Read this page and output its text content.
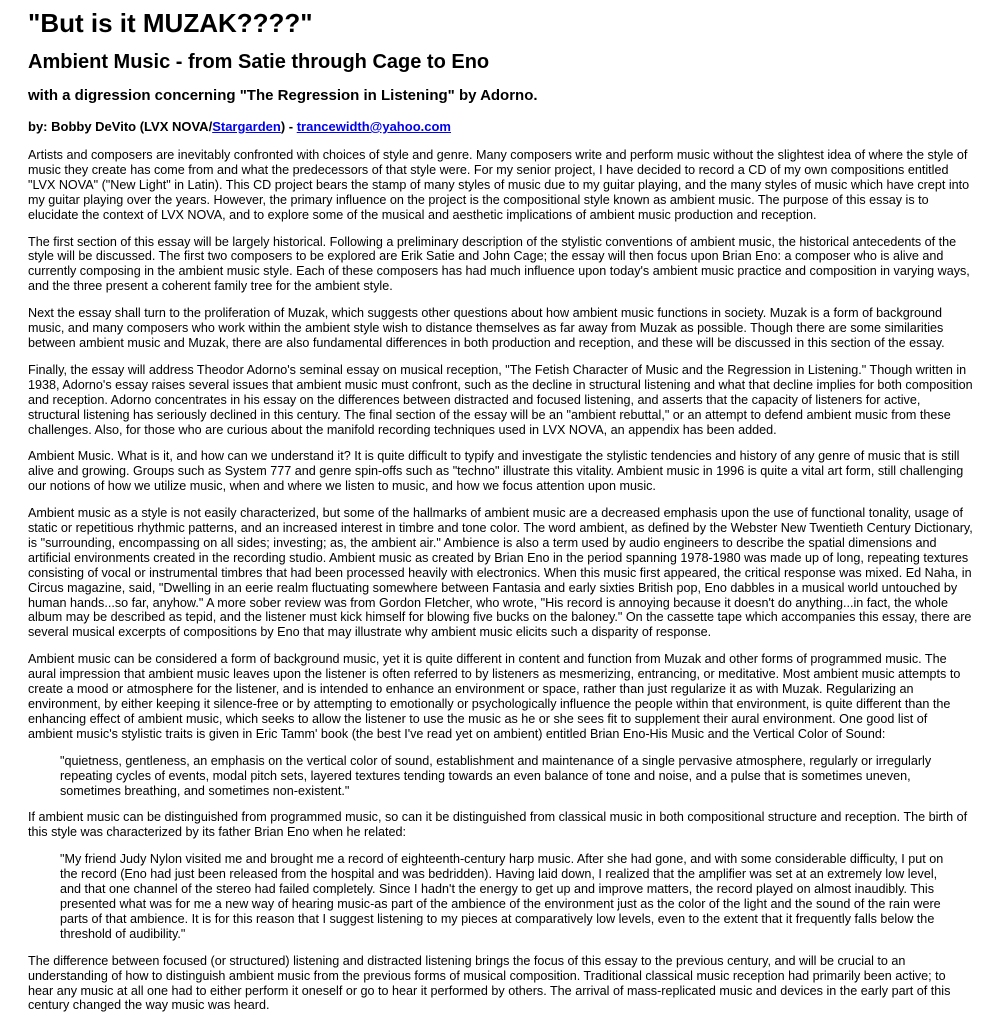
"But is it MUZAK????"
Ambient Music - from Satie through Cage to Eno
with a digression concerning "The Regression in Listening" by Adorno.
by: Bobby DeVito (LVX NOVA/Stargarden) - trancewidth@yahoo.com

Artists and composers are inevitably confronted with choices of style and genre. Many composers write and perform music without the slightest idea of where the style of music they create has come from and what the predecessors of that style were. For my senior project, I have decided to record a CD of my own compositions entitled "LVX NOVA" ("New Light" in Latin). This CD project bears the stamp of many styles of music due to my guitar playing, and the many styles of music which have crept into my guitar playing over the years. However, the primary influence on the project is the compositional style known as ambient music. The purpose of this essay is to elucidate the context of LVX NOVA, and to explore some of the musical and aesthetic implications of ambient music production and reception.

The first section of this essay will be largely historical. Following a preliminary description of the stylistic conventions of ambient music, the historical antecedents of the style will be discussed. The first two composers to be explored are Erik Satie and John Cage; the essay will then focus upon Brian Eno: a composer who is alive and currently composing in the ambient music style. Each of these composers has had much influence upon today's ambient music practice and composition in varying ways, and the three present a coherent family tree for the ambient style.

Next the essay shall turn to the proliferation of Muzak, which suggests other questions about how ambient music functions in society. Muzak is a form of background music, and many composers who work within the ambient style wish to distance themselves as far away from Muzak as possible. Though there are some similarities between ambient music and Muzak, there are also fundamental differences in both production and reception, and these will be discussed in this section of the essay.

Finally, the essay will address Theodor Adorno's seminal essay on musical reception, "The Fetish Character of Music and the Regression in Listening." Though written in 1938, Adorno's essay raises several issues that ambient music must confront, such as the decline in structural listening and what that decline implies for both composition and reception. Adorno concentrates in his essay on the differences between distracted and focused listening, and asserts that the capacity of listeners for active, structural listening has seriously declined in this century. The final section of the essay will be an "ambient rebuttal," or an attempt to defend ambient music from these challenges. Also, for those who are curious about the manifold recording techniques used in LVX NOVA, an appendix has been added.

Ambient Music. What is it, and how can we understand it? It is quite difficult to typify and investigate the stylistic tendencies and history of any genre of music that is still alive and growing. Groups such as System 777 and genre spin-offs such as "techno" illustrate this vitality. Ambient music in 1996 is quite a vital art form, still challenging our notions of how we utilize music, when and where we listen to music, and how we focus attention upon music.

Ambient music as a style is not easily characterized, but some of the hallmarks of ambient music are a decreased emphasis upon the use of functional tonality, usage of static or repetitious rhythmic patterns, and an increased interest in timbre and tone color. The word ambient, as defined by the Webster New Twentieth Century Dictionary, is "surrounding, encompassing on all sides; investing; as, the ambient air." Ambience is also a term used by audio engineers to describe the spatial dimensions and artificial environments created in the recording studio. Ambient music as created by Brian Eno in the period spanning 1978-1980 was made up of long, repeating textures consisting of vocal or instrumental timbres that had been processed heavily with electronics. When this music first appeared, the critical response was mixed. Ed Naha, in Circus magazine, said, "Dwelling in an eerie realm fluctuating somewhere between Fantasia and early sixties British pop, Eno dabbles in a musical world untouched by human hands...so far, anyhow." A more sober review was from Gordon Fletcher, who wrote, "His record is annoying because it doesn't do anything...in fact, the whole album may be described as tepid, and the listener must kick himself for blowing five bucks on the baloney." On the cassette tape which accompanies this essay, there are several musical excerpts of compositions by Eno that may illustrate why ambient music elicits such a disparity of response.

Ambient music can be considered a form of background music, yet it is quite different in content and function from Muzak and other forms of programmed music. The aural impression that ambient music leaves upon the listener is often referred to by listeners as mesmerizing, entrancing, or meditative. Most ambient music attempts to create a mood or atmosphere for the listener, and is intended to enhance an environment or space, rather than just regularize it as with Muzak. Regularizing an environment, by either keeping it silence-free or by attempting to emotionally or psychologically influence the people within that environment, is quite different than the enhancing effect of ambient music, which seeks to allow the listener to use the music as he or she sees fit to supplement their aural environment. One good list of ambient music's stylistic traits is given in Eric Tamm' book (the best I've read yet on ambient) entitled Brian Eno-His Music and the Vertical Color of Sound:

"quietness, gentleness, an emphasis on the vertical color of sound, establishment and maintenance of a single pervasive atmosphere, regularly or irregularly repeating cycles of events, modal pitch sets, layered textures tending towards an even balance of tone and noise, and a pulse that is sometimes uneven, sometimes breathing, and sometimes non-existent."

If ambient music can be distinguished from programmed music, so can it be distinguished from classical music in both compositional structure and reception. The birth of this style was characterized by its father Brian Eno when he related:

"My friend Judy Nylon visited me and brought me a record of eighteenth-century harp music. After she had gone, and with some considerable difficulty, I put on the record (Eno had just been released from the hospital and was bedridden). Having laid down, I realized that the amplifier was set at an extremely low level, and that one channel of the stereo had failed completely. Since I hadn't the energy to get up and improve matters, the record played on almost inaudibly. This presented what was for me a new way of hearing music-as part of the ambience of the environment just as the color of the light and the sound of the rain were parts of that ambience. It is for this reason that I suggest listening to my pieces at comparatively low levels, even to the extent that it frequently falls below the threshold of audibility."

The difference between focused (or structured) listening and distracted listening brings the focus of this essay to the previous century, and will be crucial to an understanding of how to distinguish ambient music from the previous forms of musical composition. Traditional classical music reception had primarily been active; to hear any music at all one had to either perform it oneself or go to hear it performed by others. The arrival of mass-replicated music and devices in the early part of this century changed the way music was heard.
